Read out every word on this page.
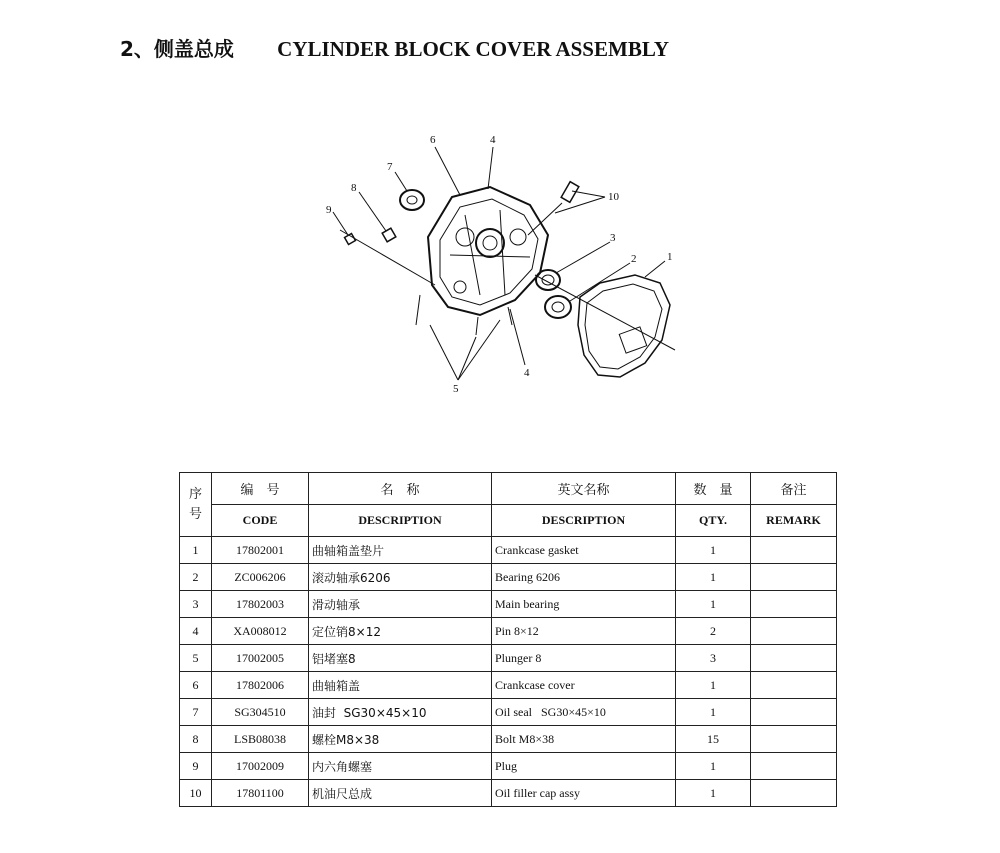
2、侧盖总成 CYLINDER BLOCK COVER ASSEMBLY
6	4
7
8
9
10
3
2	1
4
5
序
号	编　号	名　称	英文名称	数　量	备注
	CODE	DESCRIPTION	DESCRIPTION	QTY.	REMARK
1	17802001	曲轴箱盖垫片	Crankcase gasket	1	
2	ZC006206	滚动轴承6206	Bearing 6206	1	
3	17802003	滑动轴承	Main bearing	1	
4	XA008012	定位销8×12	Pin 8×12	2	
5	17002005	铝堵塞8	Plunger 8	3	
6	17802006	曲轴箱盖	Crankcase cover	1	
7	SG304510	油封  SG30×45×10	Oil seal   SG30×45×10	1	
8	LSB08038	螺栓M8×38	Bolt M8×38	15	
9	17002009	内六角螺塞	Plug	1	
10	17801100	机油尺总成	Oil filler cap assy	1	
